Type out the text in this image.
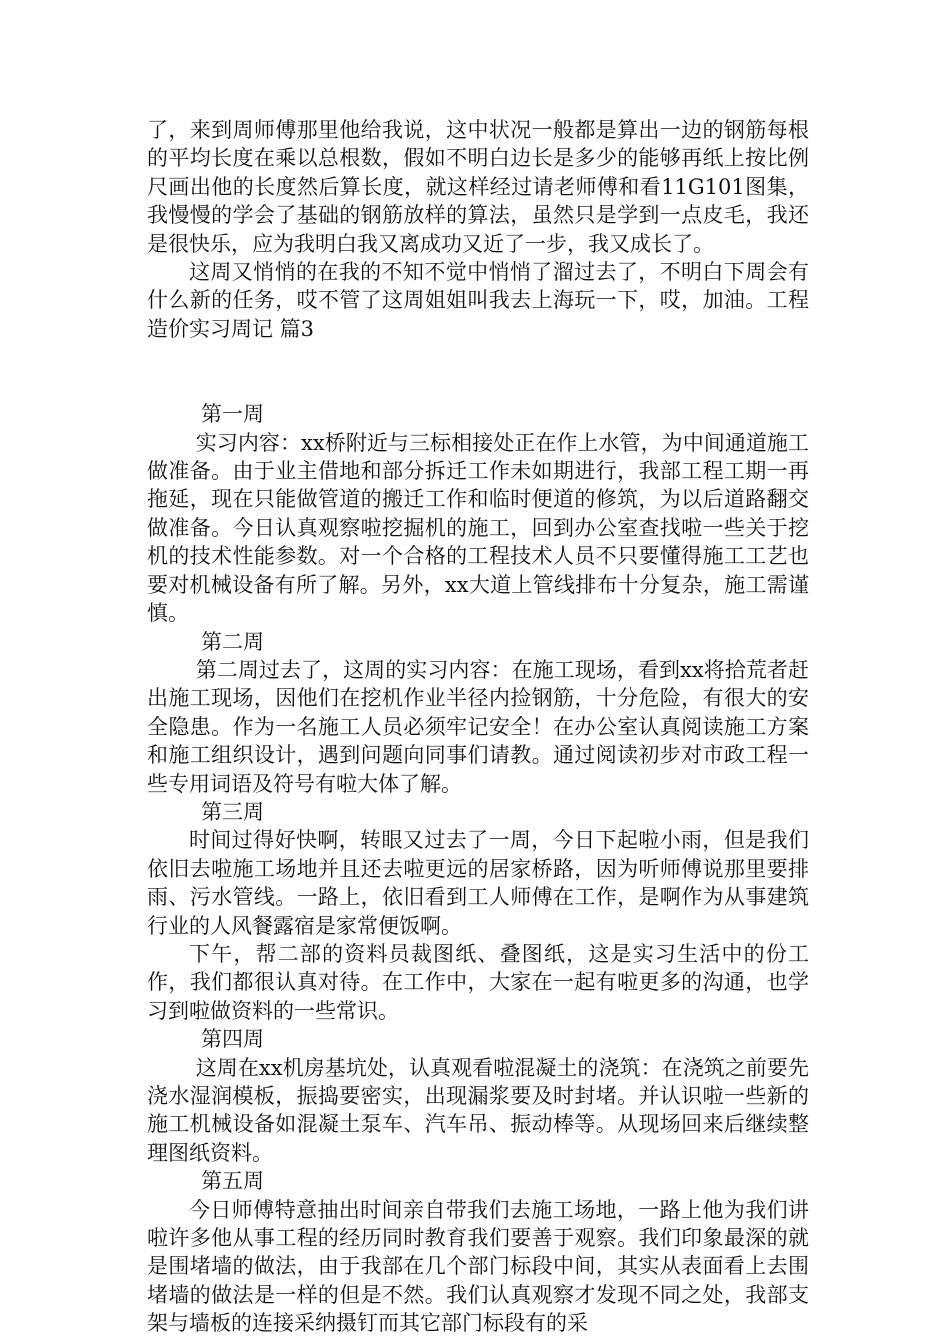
了，来到周师傅那里他给我说，这中状况一般都是算出一边的钢筋每根的平均长度在乘以总根数，假如不明白边长是多少的能够再纸上按比例尺画出他的长度然后算长度，就这样经过请老师傅和看11G101图集，我慢慢的学会了基础的钢筋放样的算法，虽然只是学到一点皮毛，我还是很快乐，应为我明白我又离成功又近了一步，我又成长了。

这周又悄悄的在我的不知不觉中悄悄了溜过去了，不明白下周会有什么新的任务，哎不管了这周姐姐叫我去上海玩一下，哎，加油。工程造价实习周记 篇3

第一周

实习内容：xx桥附近与三标相接处正在作上水管，为中间通道施工做准备。由于业主借地和部分拆迁工作未如期进行，我部工程工期一再拖延，现在只能做管道的搬迁工作和临时便道的修筑，为以后道路翻交做准备。今日认真观察啦挖掘机的施工，回到办公室查找啦一些关于挖机的技术性能参数。对一个合格的工程技术人员不只要懂得施工工艺也要对机械设备有所了解。另外，xx大道上管线排布十分复杂，施工需谨慎。

第二周

第二周过去了，这周的实习内容：在施工现场，看到xx将拾荒者赶出施工现场，因他们在挖机作业半径内捡钢筋，十分危险，有很大的安全隐患。作为一名施工人员必须牢记安全！在办公室认真阅读施工方案和施工组织设计，遇到问题向同事们请教。通过阅读初步对市政工程一些专用词语及符号有啦大体了解。

第三周

时间过得好快啊，转眼又过去了一周，今日下起啦小雨，但是我们依旧去啦施工场地并且还去啦更远的居家桥路，因为听师傅说那里要排雨、污水管线。一路上，依旧看到工人师傅在工作，是啊作为从事建筑行业的人风餐露宿是家常便饭啊。

下午，帮二部的资料员裁图纸、叠图纸，这是实习生活中的份工作，我们都很认真对待。在工作中，大家在一起有啦更多的沟通，也学习到啦做资料的一些常识。

第四周

这周在xx机房基坑处，认真观看啦混凝土的浇筑：在浇筑之前要先浇水湿润模板，振捣要密实，出现漏浆要及时封堵。并认识啦一些新的施工机械设备如混凝土泵车、汽车吊、振动棒等。从现场回来后继续整理图纸资料。

第五周

今日师傅特意抽出时间亲自带我们去施工场地，一路上他为我们讲啦许多他从事工程的经历同时教育我们要善于观察。我们印象最深的就是围堵墙的做法，由于我部在几个部门标段中间，其实从表面看上去围堵墙的做法是一样的但是不然。我们认真观察才发现不同之处，我部支架与墙板的连接采纳摄钉而其它部门标段有的采
